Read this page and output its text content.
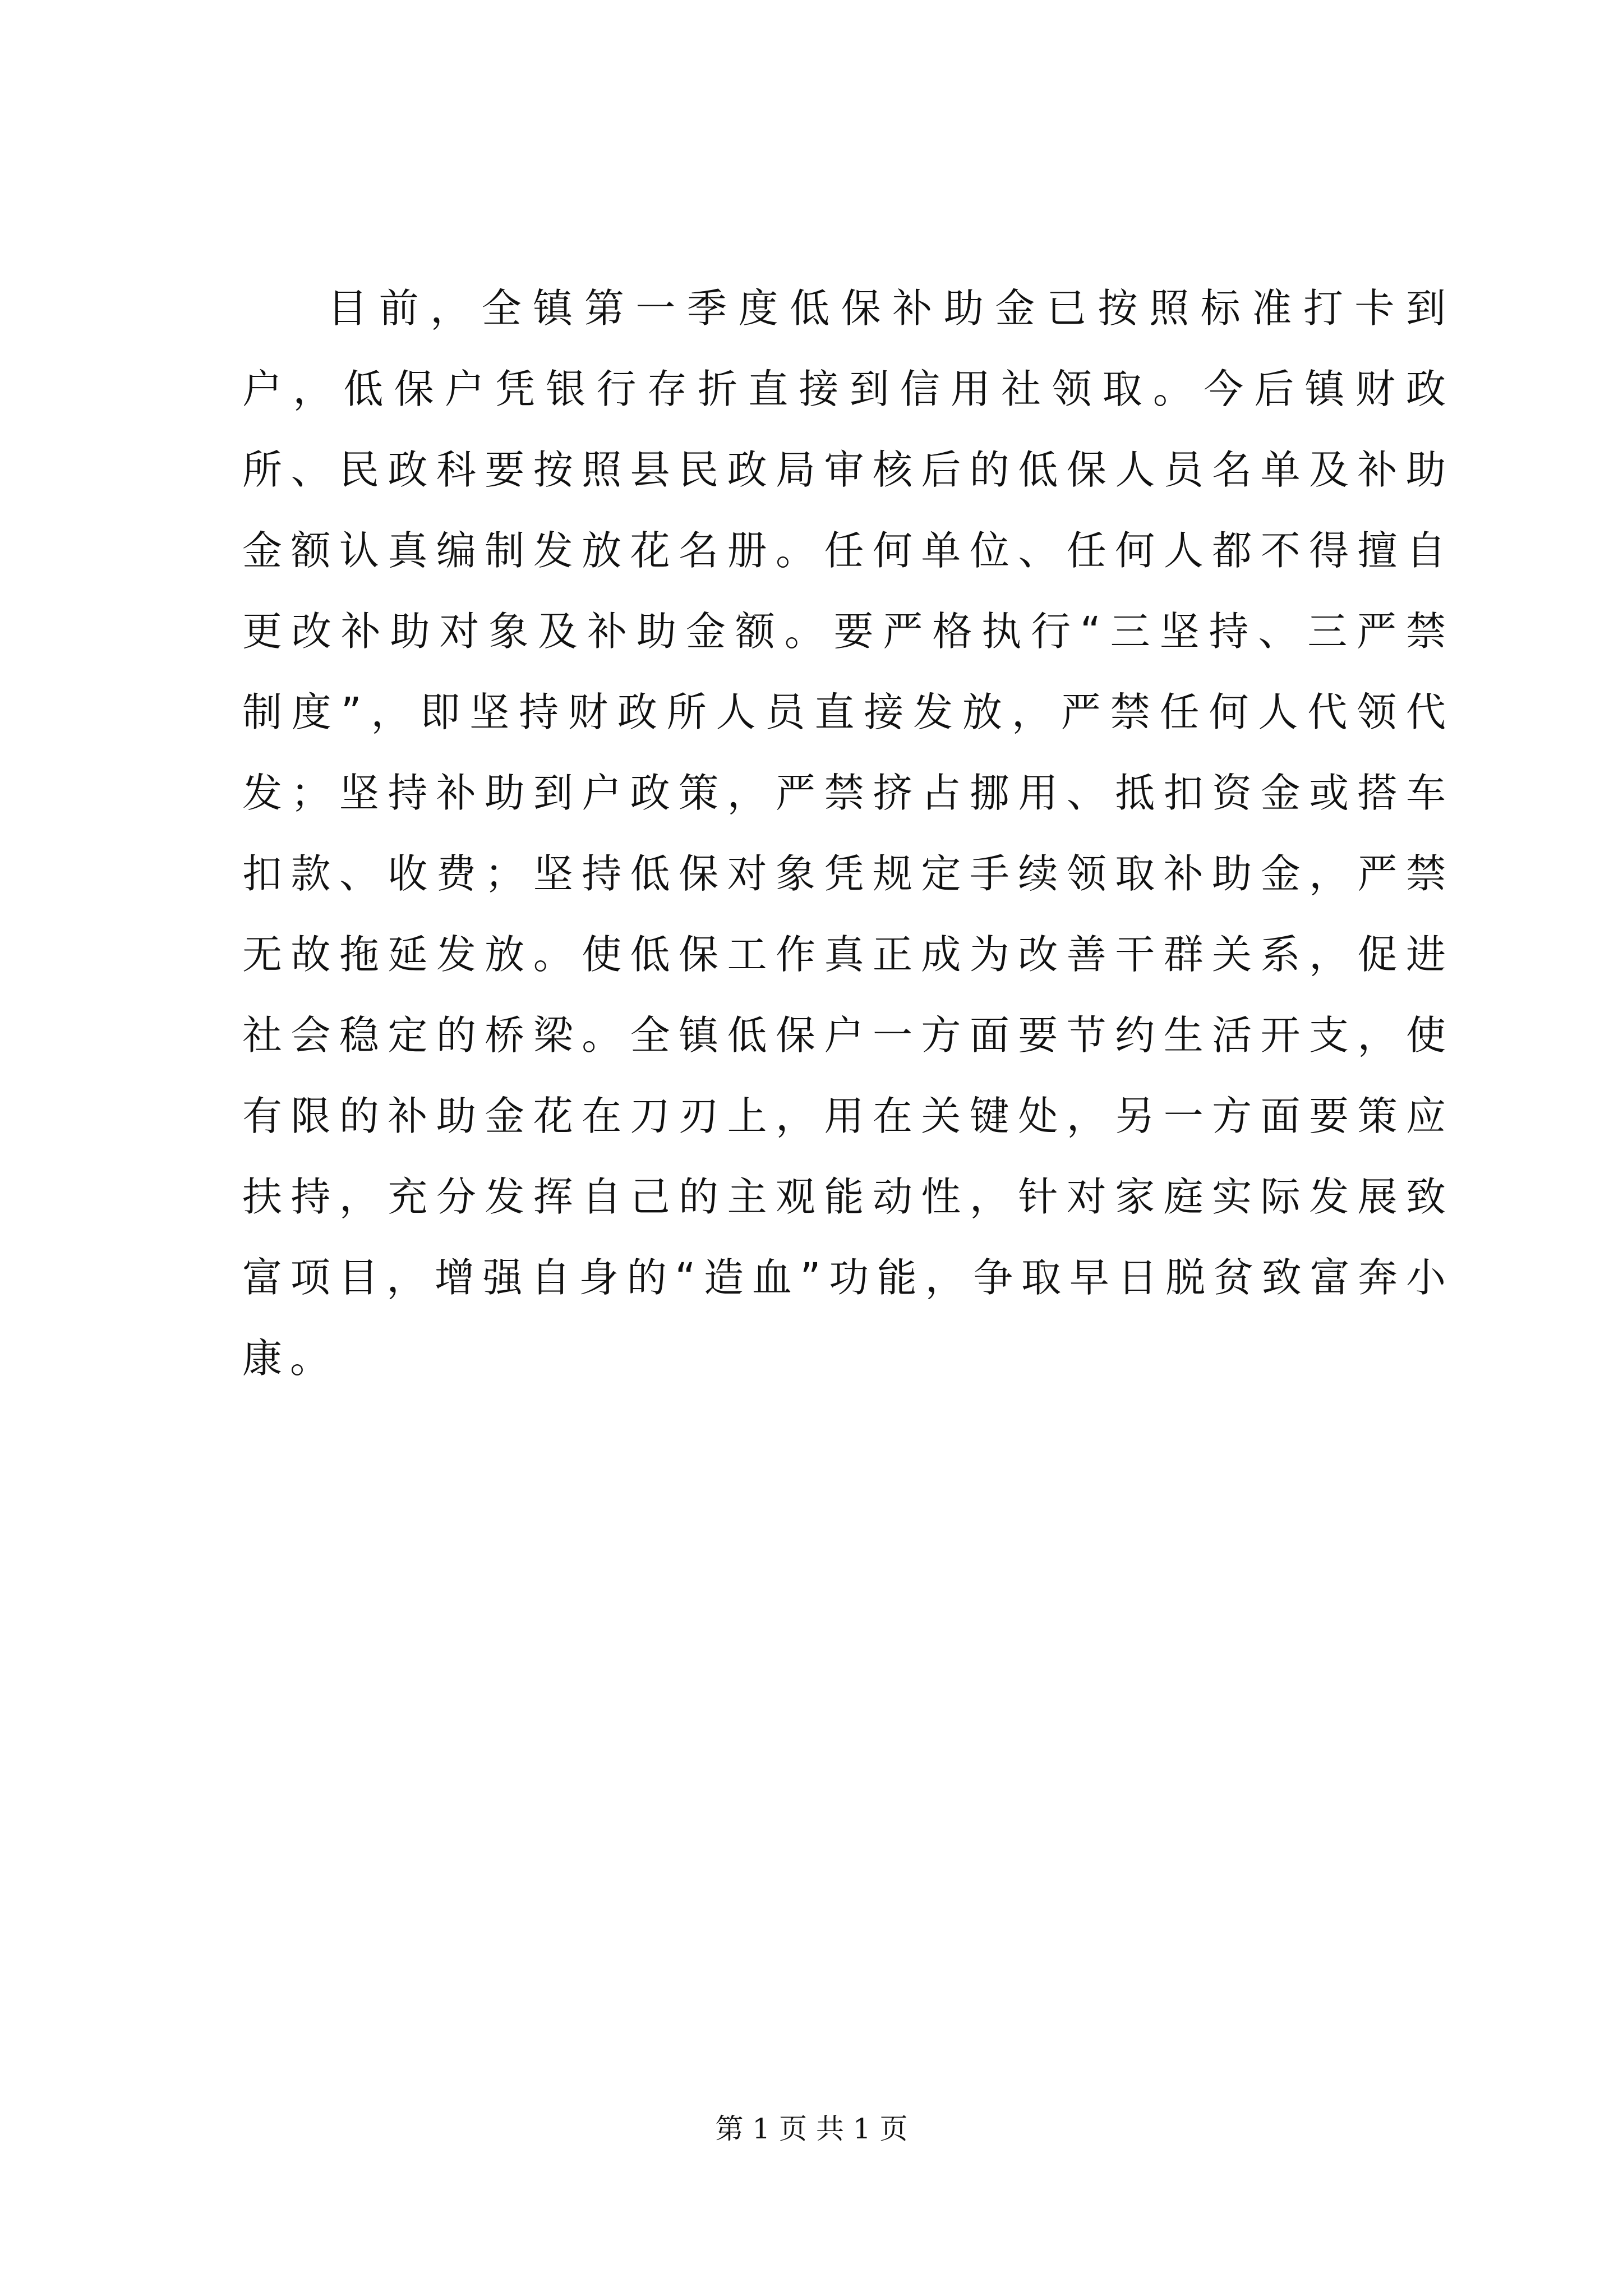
目前，全镇第一季度低保补助金已按照标准打卡到户，低保户凭银行存折直接到信用社领取。今后镇财政所、民政科要按照县民政局审核后的低保人员名单及补助金额认真编制发放花名册。任何单位、任何人都不得擅自更改补助对象及补助金额。要严格执行“三坚持、三严禁制度”，即坚持财政所人员直接发放，严禁任何人代领代发；坚持补助到户政策，严禁挤占挪用、抵扣资金或搭车扣款、收费；坚持低保对象凭规定手续领取补助金，严禁无故拖延发放。使低保工作真正成为改善干群关系，促进社会稳定的桥梁。全镇低保户一方面要节约生活开支，使有限的补助金花在刀刃上，用在关键处，另一方面要策应扶持，充分发挥自己的主观能动性，针对家庭实际发展致富项目，增强自身的“造血”功能，争取早日脱贫致富奔小康。

第 1 页 共 1 页
